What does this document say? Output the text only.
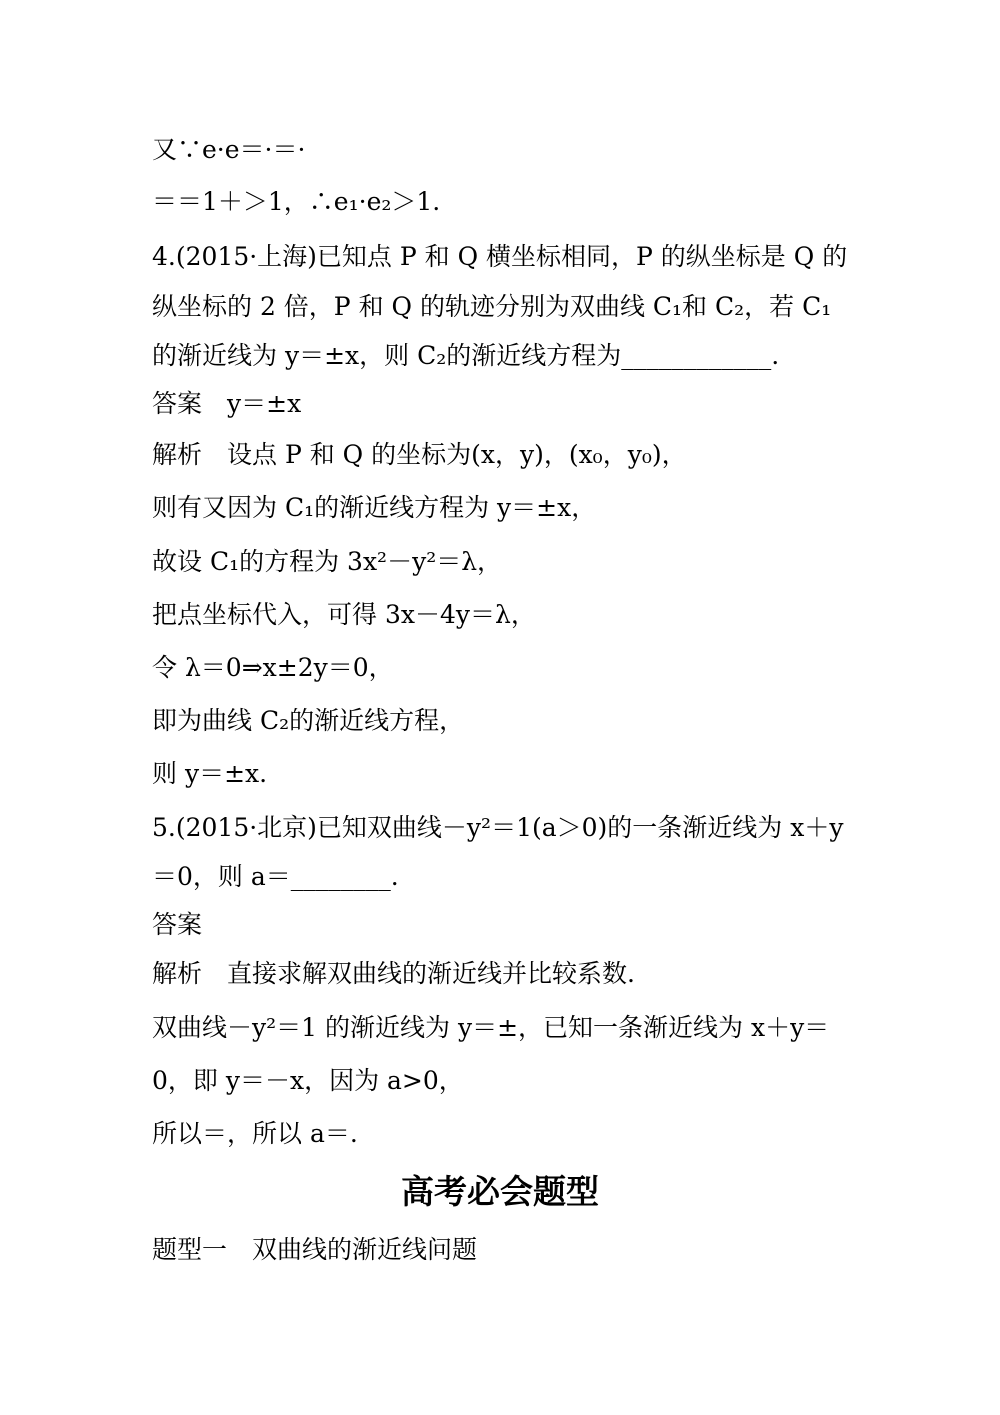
又∵e·e＝·＝·
＝＝1＋＞1，∴e₁·e₂＞1.
4.(2015·上海)已知点 P 和 Q 横坐标相同，P 的纵坐标是 Q 的
纵坐标的 2 倍，P 和 Q 的轨迹分别为双曲线 C₁和 C₂，若 C₁
的渐近线为 y＝±x，则 C₂的渐近线方程为____________.
答案　y＝±x
解析　设点 P 和 Q 的坐标为(x，y)，(x₀，y₀)，
则有又因为 C₁的渐近线方程为 y＝±x，
故设 C₁的方程为 3x²－y²＝λ，
把点坐标代入，可得 3x－4y＝λ，
令 λ＝0⇒x±2y＝0，
即为曲线 C₂的渐近线方程，
则 y＝±x.
5.(2015·北京)已知双曲线－y²＝1(a＞0)的一条渐近线为 x＋y
＝0，则 a＝________.
答案
解析　直接求解双曲线的渐近线并比较系数.
双曲线－y²＝1 的渐近线为 y＝±，已知一条渐近线为 x＋y＝
0，即 y＝－x，因为 a>0，
所以＝，所以 a＝.
高考必会题型
题型一　双曲线的渐近线问题
